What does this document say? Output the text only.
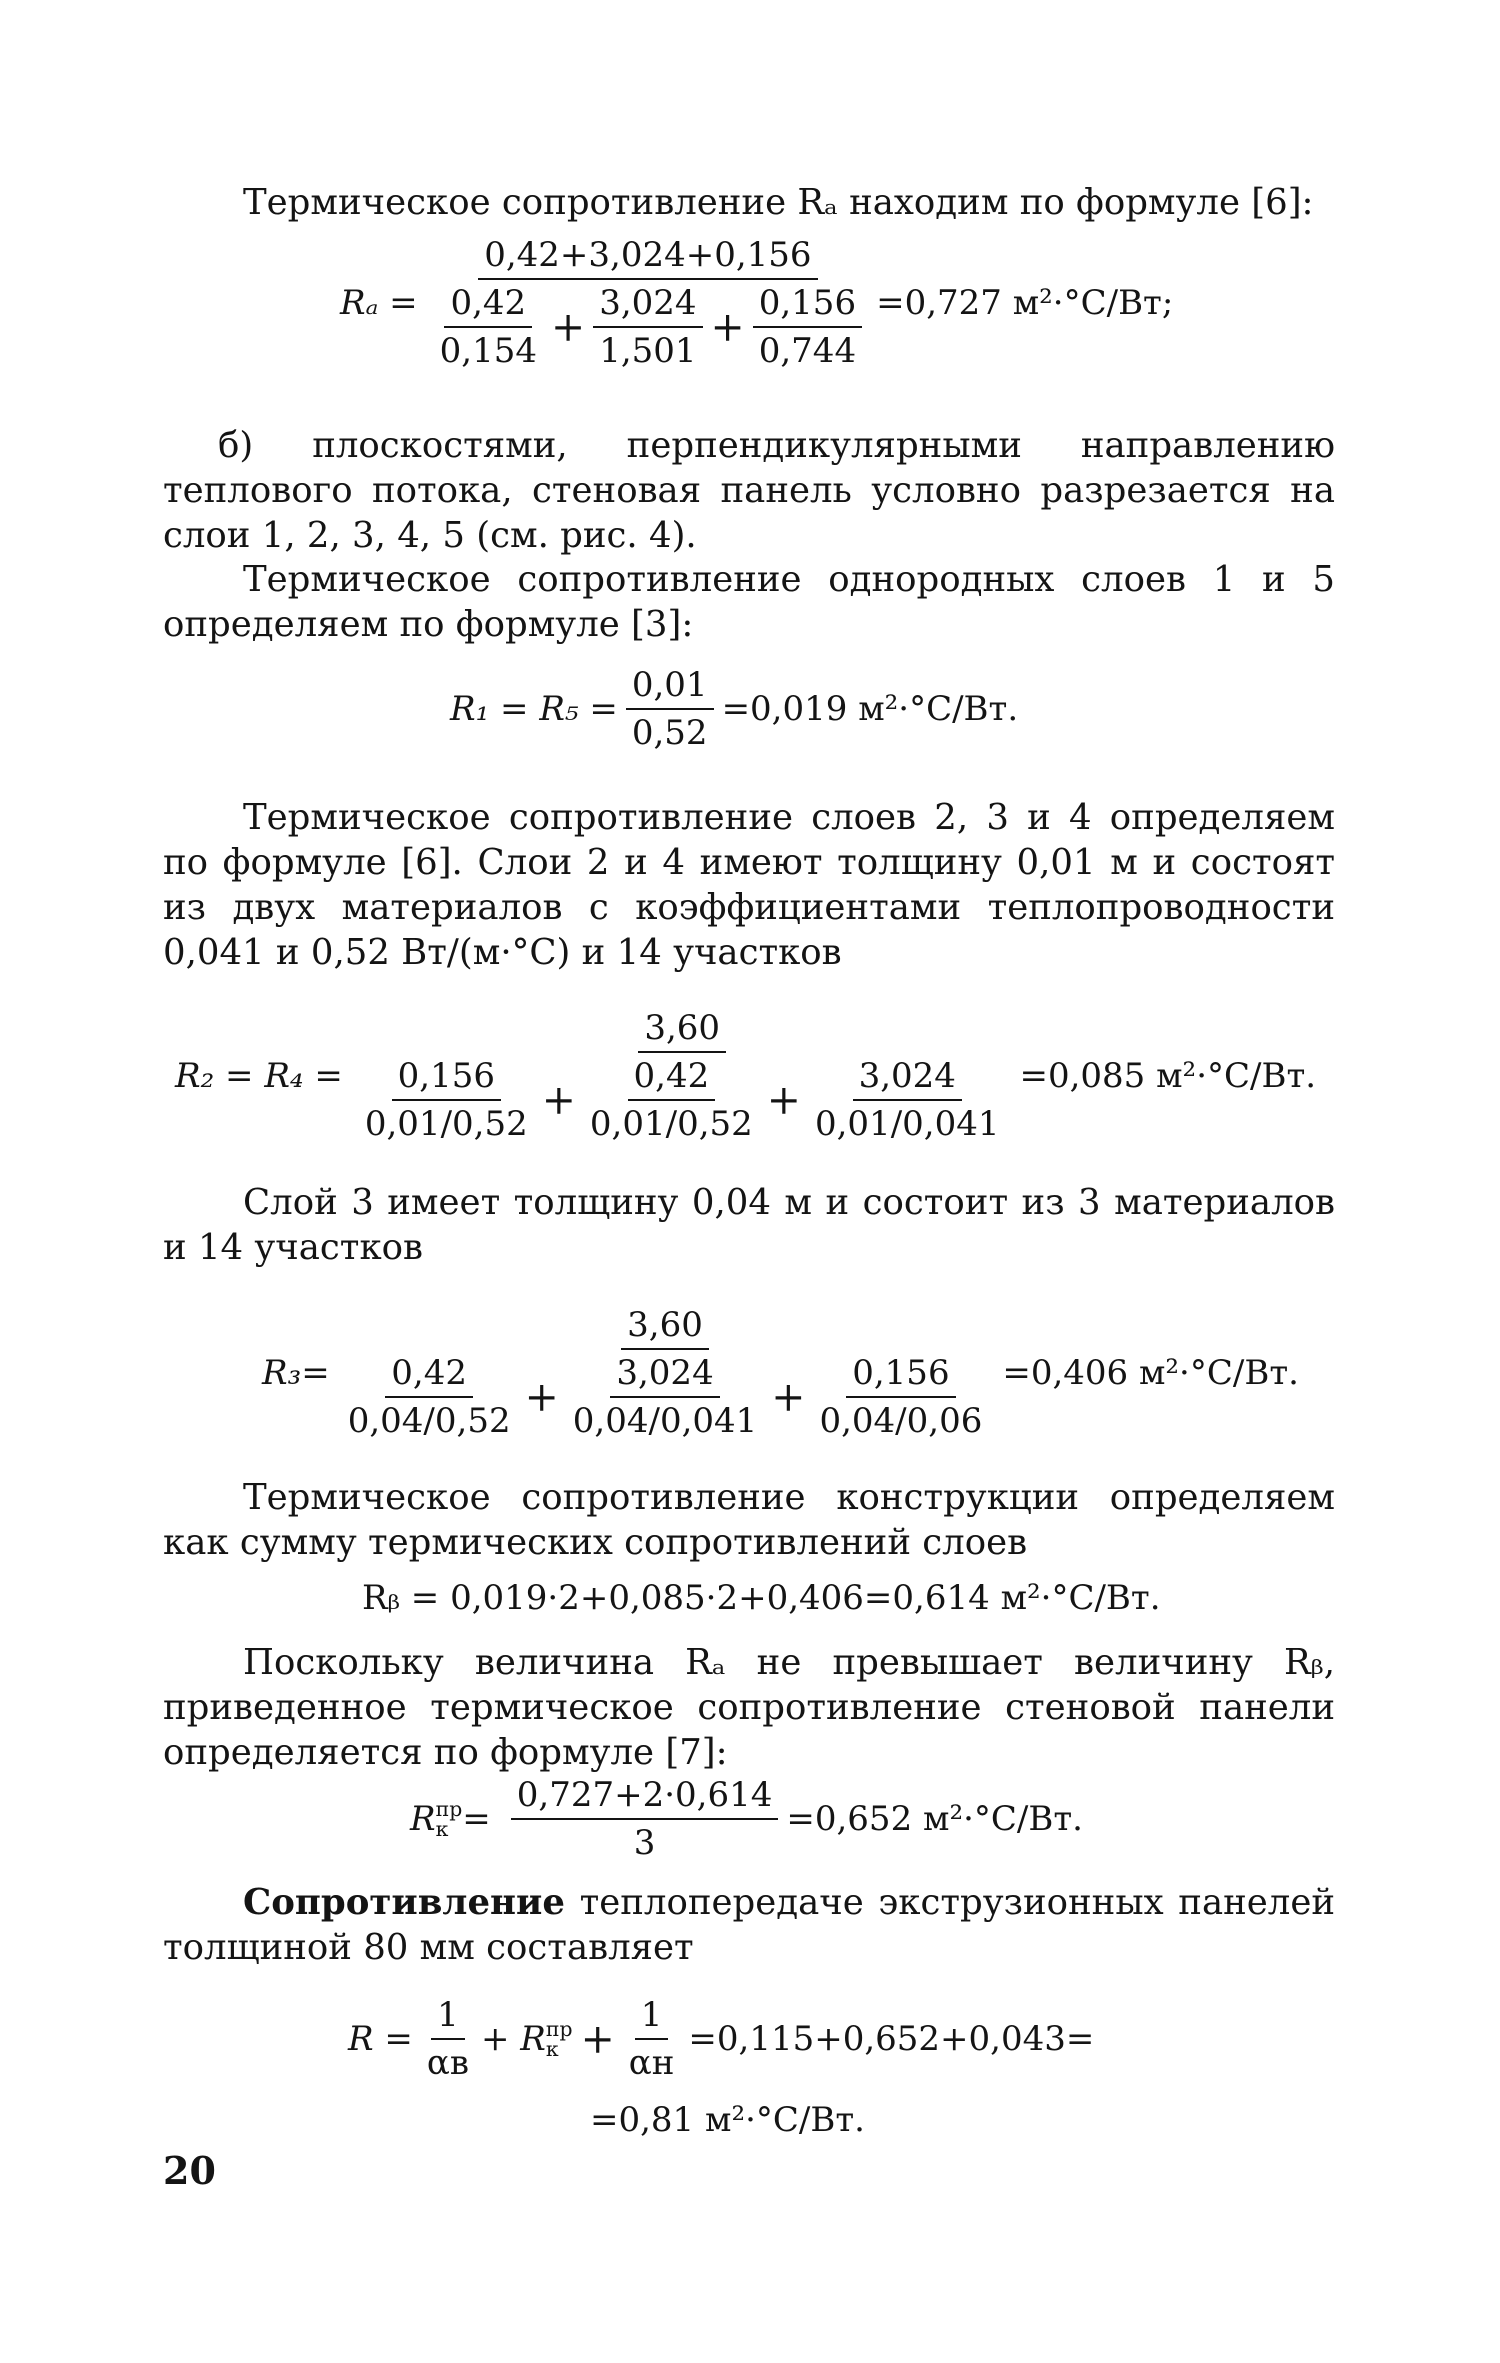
Термическое сопротивление Rₐ находим по формуле [6]:

Rₐ =
0,42+3,024+0,156
$\frac{0,42}{0,154} + \frac{3,024}{1,501} + \frac{0,156}{0,744} =0,727$ м²·°С/Вт;

б) плоскостями, перпендикулярными направлению теплового потока, стеновая панель условно разрезается на слои 1, 2, 3, 4, 5 (см. рис. 4).

Термическое сопротивление однородных слоев 1 и 5 определяем по формуле [3]:

$R_1 = R_5 = \frac{0,01}{0,52} =0,019$ м²·°С/Вт.

Термическое сопротивление слоев 2, 3 и 4 определяем по формуле [6]. Слои 2 и 4 имеют толщину 0,01 м и состоят из двух материалов с коэффициентами теплопроводности 0,041 и 0,52 Вт/(м·°С) и 14 участков

R₂ = R₄ =
3,60
$\frac{0,156}{0,01/0,52} + \frac{0,42}{0,01/0,52} + \frac{3,024}{0,01/0,041} =0,085$ м²·°С/Вт.

Слой 3 имеет толщину 0,04 м и состоит из 3 материалов и 14 участков

R₃=
3,60
$\frac{0,42}{0,04/0,52} + \frac{3,024}{0,04/0,041} + \frac{0,156}{0,04/0,06} =0,406$ м²·°С/Вт.

Термическое сопротивление конструкции определяем как сумму термических сопротивлений слоев

Rᵦ = 0,019·2+0,085·2+0,406=0,614 м²·°С/Вт.

Поскольку величина Rₐ не превышает величину Rᵦ, приведенное термическое сопротивление стеновой панели определяется по формуле [7]:

R пр
$к = \frac{0,727+2\cdot 0,614}{3} =0,652$ м²·°С/Вт.

Сопротивление теплопередаче экструзионных панелей толщиной 80 мм составляет

$R = \frac{1}{\alpha в} + R$ пр
$к + \frac{1}{\alpha н} =0,115+0,652+0,043=$
=0,81 м²·°С/Вт.
20
